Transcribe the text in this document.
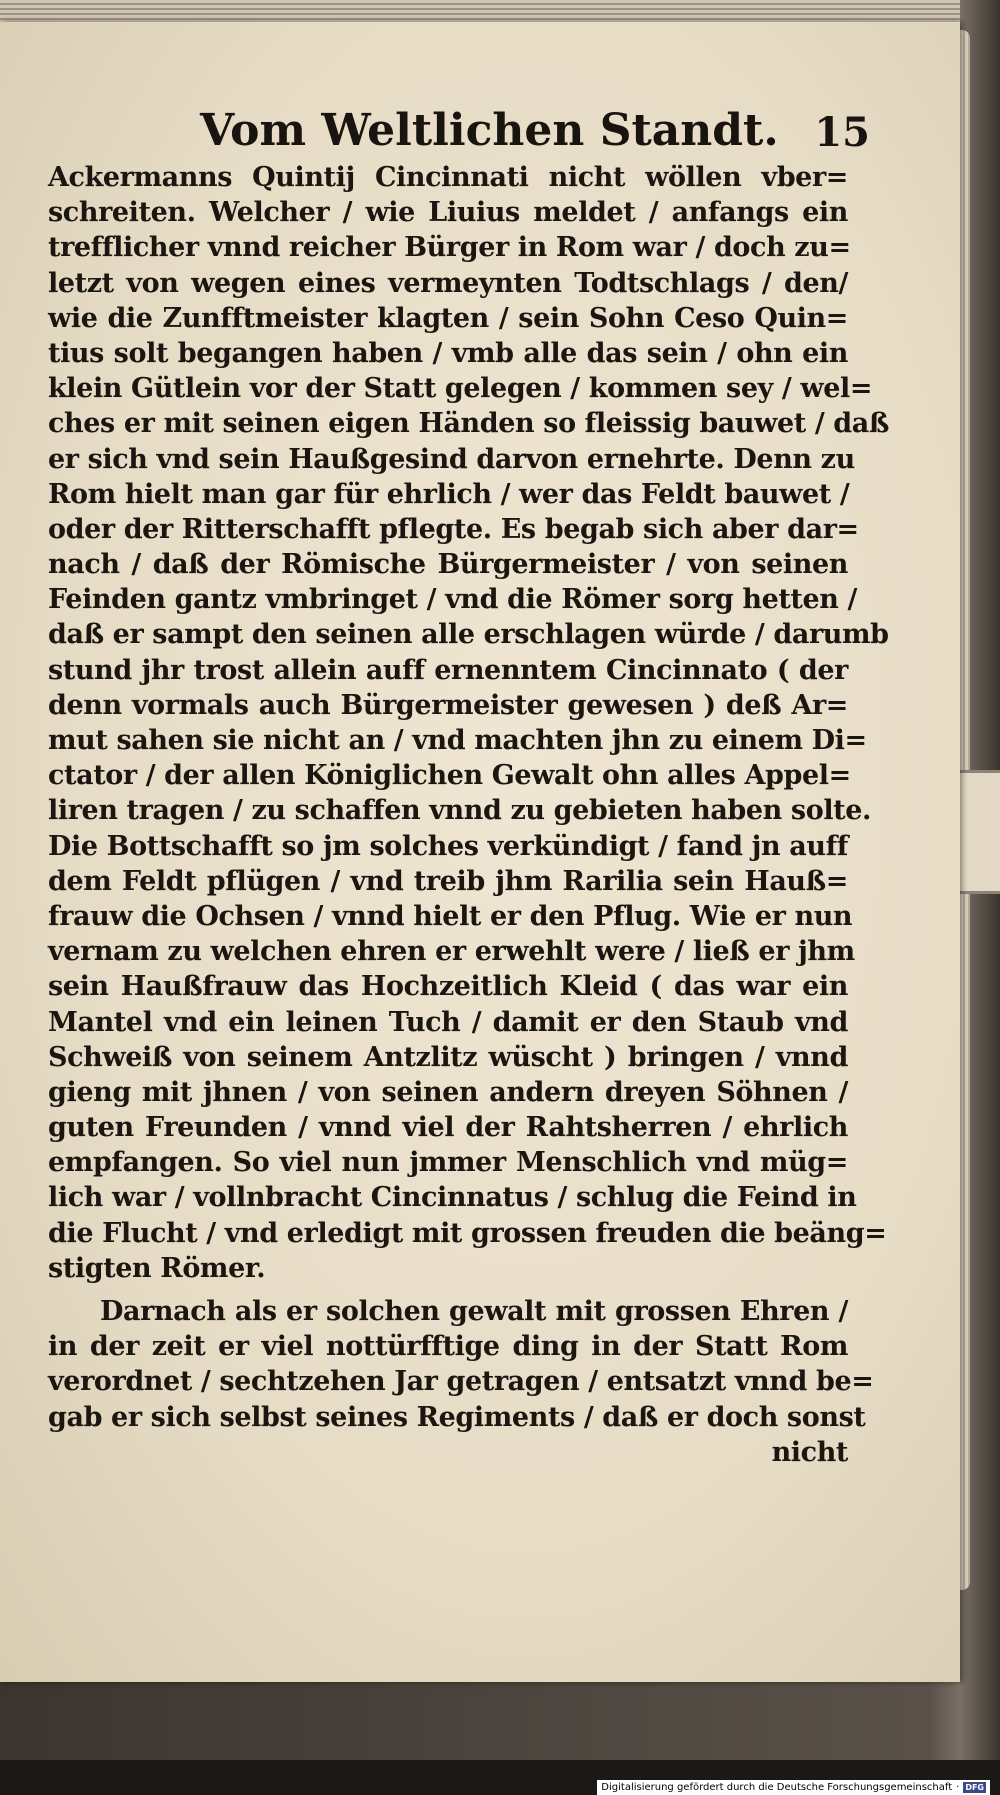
Vom Weltlichen Standt. 15
Ackermanns Quintij Cincinnati nicht wöllen vber=
schreiten. Welcher / wie Liuius meldet / anfangs ein
trefflicher vnnd reicher Bürger in Rom war / doch zu=
letzt von wegen eines vermeynten Todtschlags / den/
wie die Zunfftmeister klagten / sein Sohn Ceso Quin=
tius solt begangen haben / vmb alle das sein / ohn ein
klein Gütlein vor der Statt gelegen / kommen sey / wel=
ches er mit seinen eigen Händen so fleissig bauwet / daß
er sich vnd sein Haußgesind darvon ernehrte. Denn zu
Rom hielt man gar für ehrlich / wer das Feldt bauwet /
oder der Ritterschafft pflegte. Es begab sich aber dar=
nach / daß der Römische Bürgermeister / von seinen
Feinden gantz vmbringet / vnd die Römer sorg hetten /
daß er sampt den seinen alle erschlagen würde / darumb
stund jhr trost allein auff ernenntem Cincinnato ( der
denn vormals auch Bürgermeister gewesen ) deß Ar=
mut sahen sie nicht an / vnd machten jhn zu einem Di=
ctator / der allen Königlichen Gewalt ohn alles Appel=
liren tragen / zu schaffen vnnd zu gebieten haben solte.
Die Bottschafft so jm solches verkündigt / fand jn auff
dem Feldt pflügen / vnd treib jhm Rarilia sein Hauß=
frauw die Ochsen / vnnd hielt er den Pflug. Wie er nun
vernam zu welchen ehren er erwehlt were / ließ er jhm
sein Haußfrauw das Hochzeitlich Kleid ( das war ein
Mantel vnd ein leinen Tuch / damit er den Staub vnd
Schweiß von seinem Antzlitz wüscht ) bringen / vnnd
gieng mit jhnen / von seinen andern dreyen Söhnen /
guten Freunden / vnnd viel der Rahtsherren / ehrlich
empfangen. So viel nun jmmer Menschlich vnd müg=
lich war / vollnbracht Cincinnatus / schlug die Feind in
die Flucht / vnd erledigt mit grossen freuden die beäng=
stigten Römer.
Darnach als er solchen gewalt mit grossen Ehren /
in der zeit er viel nottürfftige ding in der Statt Rom
verordnet / sechtzehen Jar getragen / entsatzt vnnd be=
gab er sich selbst seines Regiments / daß er doch sonst
nicht
Digitalisierung gefördert durch die Deutsche Forschungsgemeinschaft · DFG
